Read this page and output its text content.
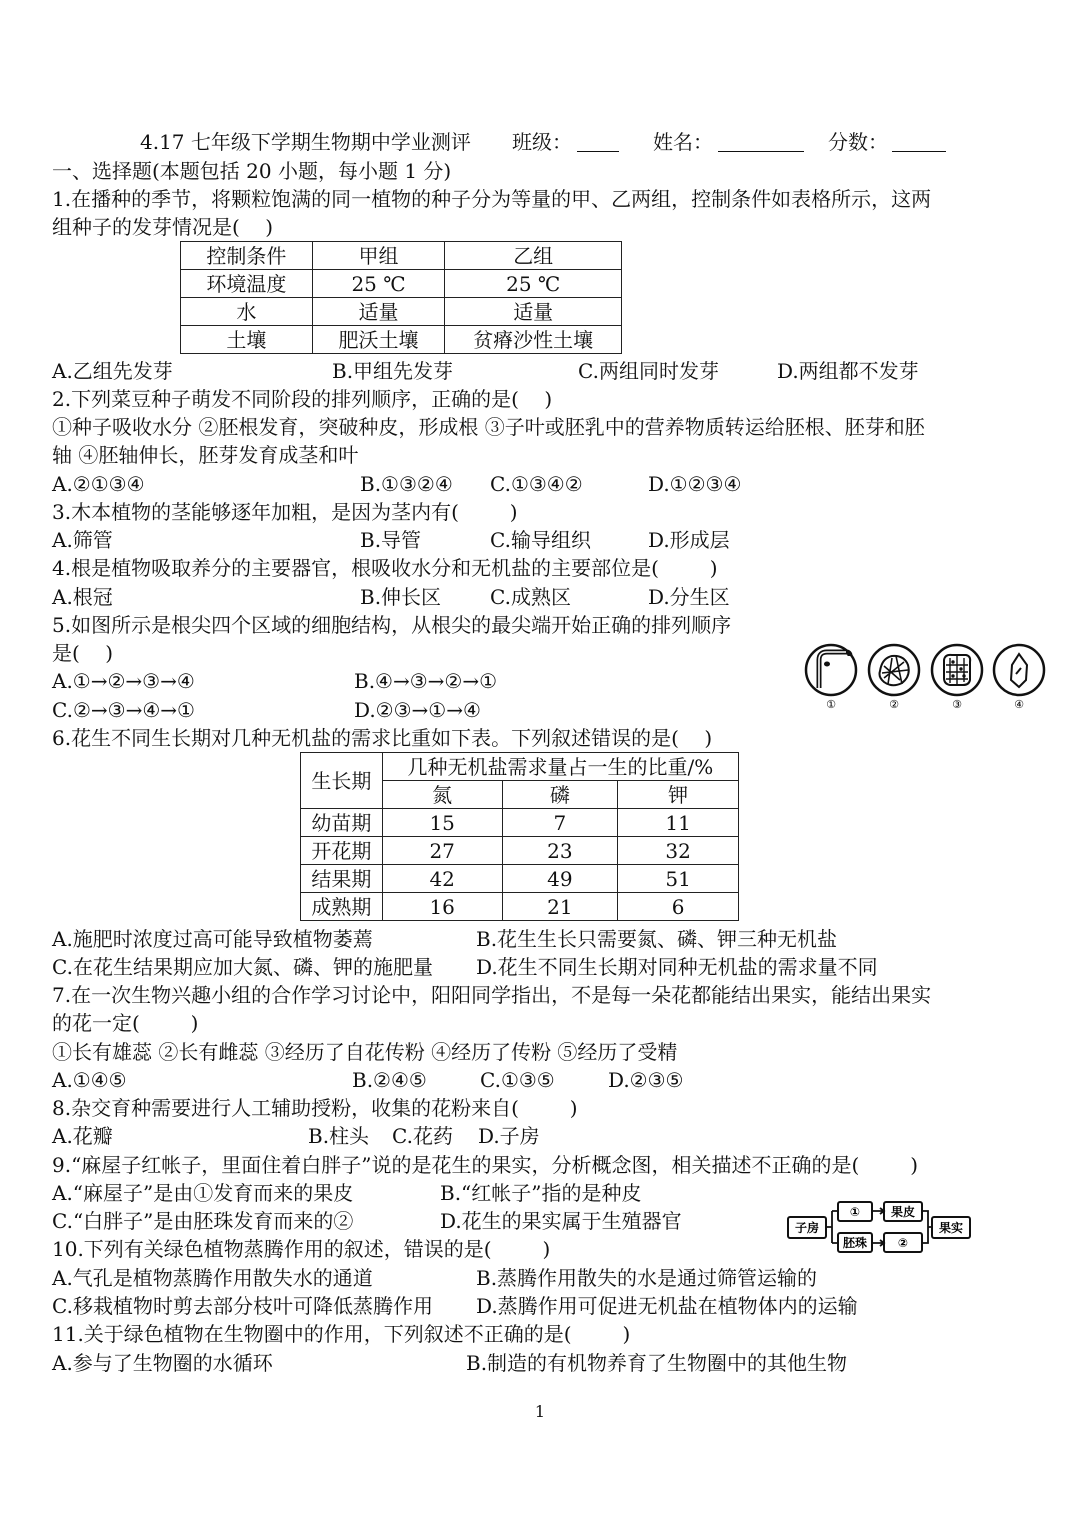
4.17 七年级下学期生物期中学业测评 班级：	姓名：	分数：
一、选择题(本题包括 20 小题，每小题 1 分)
1.在播种的季节，将颗粒饱满的同一植物的种子分为等量的甲、乙两组，控制条件如表格所示，这两
组种子的发芽情况是(    )
控制条件	甲组	乙组
环境温度	25 ℃	25 ℃
水	适量	适量
土壤	肥沃土壤	贫瘠沙性土壤
A.乙组先发芽	B.甲组先发芽	C.两组同时发芽	D.两组都不发芽
2.下列菜豆种子萌发不同阶段的排列顺序，正确的是(    )
①种子吸收水分 ②胚根发育，突破种皮，形成根 ③子叶或胚乳中的营养物质转运给胚根、胚芽和胚
轴 ④胚轴伸长，胚芽发育成茎和叶
A.②①③④	B.①③②④ C.①③④②	D.①②③④
3.木本植物的茎能够逐年加粗，是因为茎内有(        )
A.筛管	B.导管	C.输导组织	D.形成层
4.根是植物吸取养分的主要器官，根吸收水分和无机盐的主要部位是(        )
A.根冠	B.伸长区 C.成熟区	D.分生区
5.如图所示是根尖四个区域的细胞结构，从根尖的最尖端开始正确的排列顺序
是(    )
A.①→②→③→④	B.④→③→②→①
C.②→③→④→①	D.②③→①→④	①	②	③	④
6.花生不同生长期对几种无机盐的需求比重如下表。下列叙述错误的是(    )
生长期	几种无机盐需求量占一生的比重/%		
	氮	磷	钾
幼苗期	15	7	11
开花期	27	23	32
结果期	42	49	51
成熟期	16	21	6
A.施肥时浓度过高可能导致植物萎蔫	B.花生生长只需要氮、磷、钾三种无机盐
C.在花生结果期应加大氮、磷、钾的施肥量 D.花生不同生长期对同种无机盐的需求量不同
7.在一次生物兴趣小组的合作学习讨论中，阳阳同学指出，不是每一朵花都能结出果实，能结出果实
的花一定(        )
①长有雄蕊 ②长有雌蕊 ③经历了自花传粉 ④经历了传粉 ⑤经历了受精
A.①④⑤	B.②④⑤	C.①③⑤	D.②③⑤
8.杂交育种需要进行人工辅助授粉，收集的花粉来自(        )
A.花瓣	B.柱头 C.花药 D.子房
9.“麻屋子红帐子，里面住着白胖子”说的是花生的果实，分析概念图，相关描述不正确的是(        )
A.“麻屋子”是由①发育而来的果皮	B.“红帐子”指的是种皮
C.“白胖子”是由胚珠发育而来的②	D.花生的果实属于生殖器官	子房
①
胚珠
果皮
②
果实
10.下列有关绿色植物蒸腾作用的叙述，错误的是(        )
A.气孔是植物蒸腾作用散失水的通道	B.蒸腾作用散失的水是通过筛管运输的
C.移栽植物时剪去部分枝叶可降低蒸腾作用 D.蒸腾作用可促进无机盐在植物体内的运输
11.关于绿色植物在生物圈中的作用，下列叙述不正确的是(        )
A.参与了生物圈的水循环	B.制造的有机物养育了生物圈中的其他生物
1
